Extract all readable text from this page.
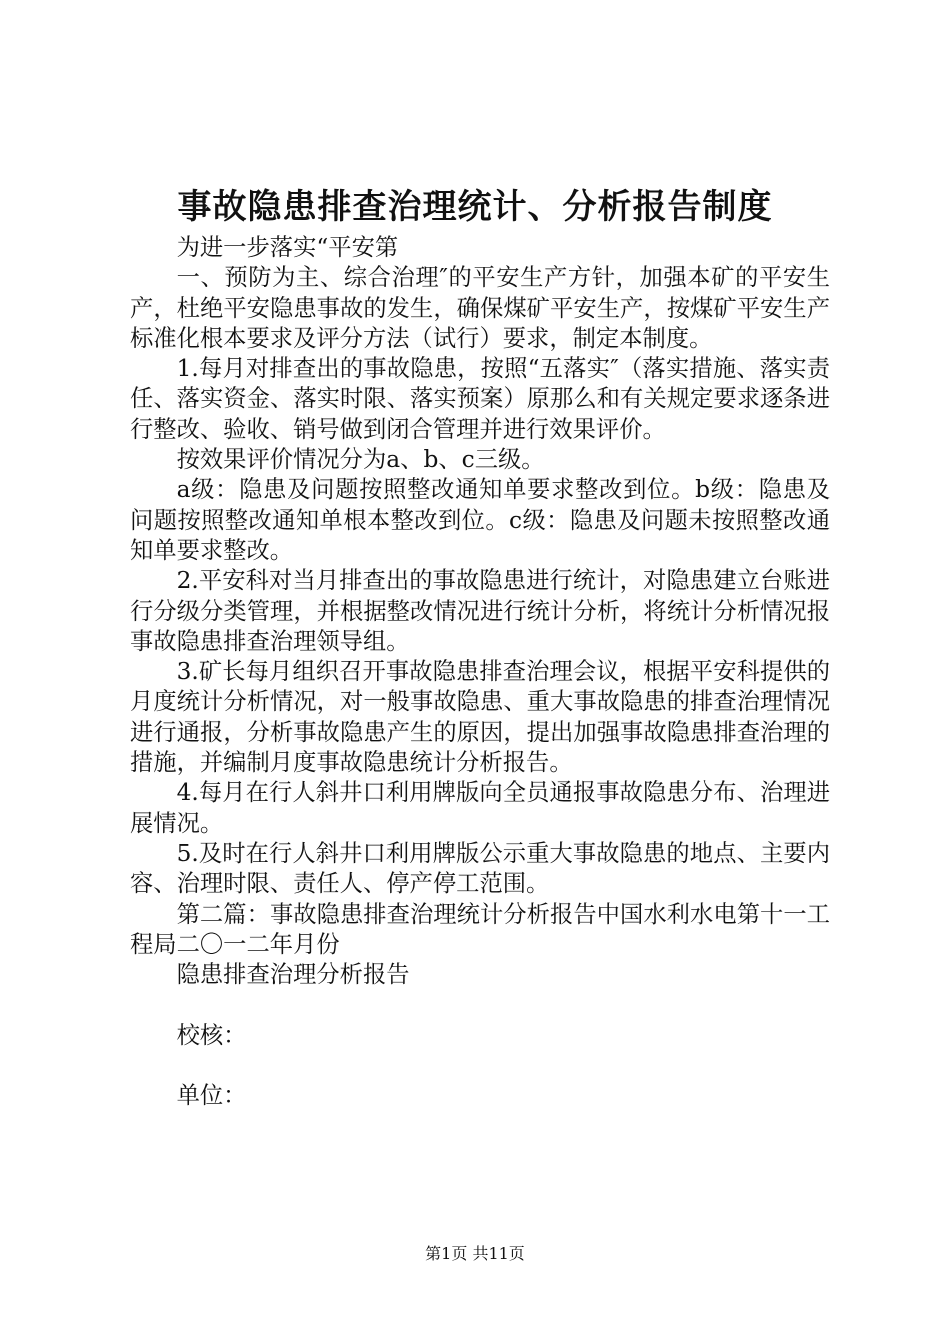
事故隐患排查治理统计、分析报告制度

为进一步落实“平安第

一、预防为主、综合治理″的平安生产方针，加强本矿的平安生产，杜绝平安隐患事故的发生，确保煤矿平安生产，按煤矿平安生产标准化根本要求及评分方法（试行）要求，制定本制度。

1.每月对排查出的事故隐患，按照“五落实″（落实措施、落实责任、落实资金、落实时限、落实预案）原那么和有关规定要求逐条进行整改、验收、销号做到闭合管理并进行效果评价。

按效果评价情况分为a、b、c三级。

a级：隐患及问题按照整改通知单要求整改到位。b级：隐患及问题按照整改通知单根本整改到位。c级：隐患及问题未按照整改通知单要求整改。

2.平安科对当月排查出的事故隐患进行统计，对隐患建立台账进行分级分类管理，并根据整改情况进行统计分析，将统计分析情况报事故隐患排查治理领导组。

3.矿长每月组织召开事故隐患排查治理会议，根据平安科提供的月度统计分析情况，对一般事故隐患、重大事故隐患的排查治理情况进行通报，分析事故隐患产生的原因，提出加强事故隐患排查治理的措施，并编制月度事故隐患统计分析报告。

4.每月在行人斜井口利用牌版向全员通报事故隐患分布、治理进展情况。

5.及时在行人斜井口利用牌版公示重大事故隐患的地点、主要内容、治理时限、责任人、停产停工范围。

第二篇：事故隐患排查治理统计分析报告中国水利水电第十一工程局二〇一二年月份

隐患排查治理分析报告

校核：

单位：

第1页 共11页
